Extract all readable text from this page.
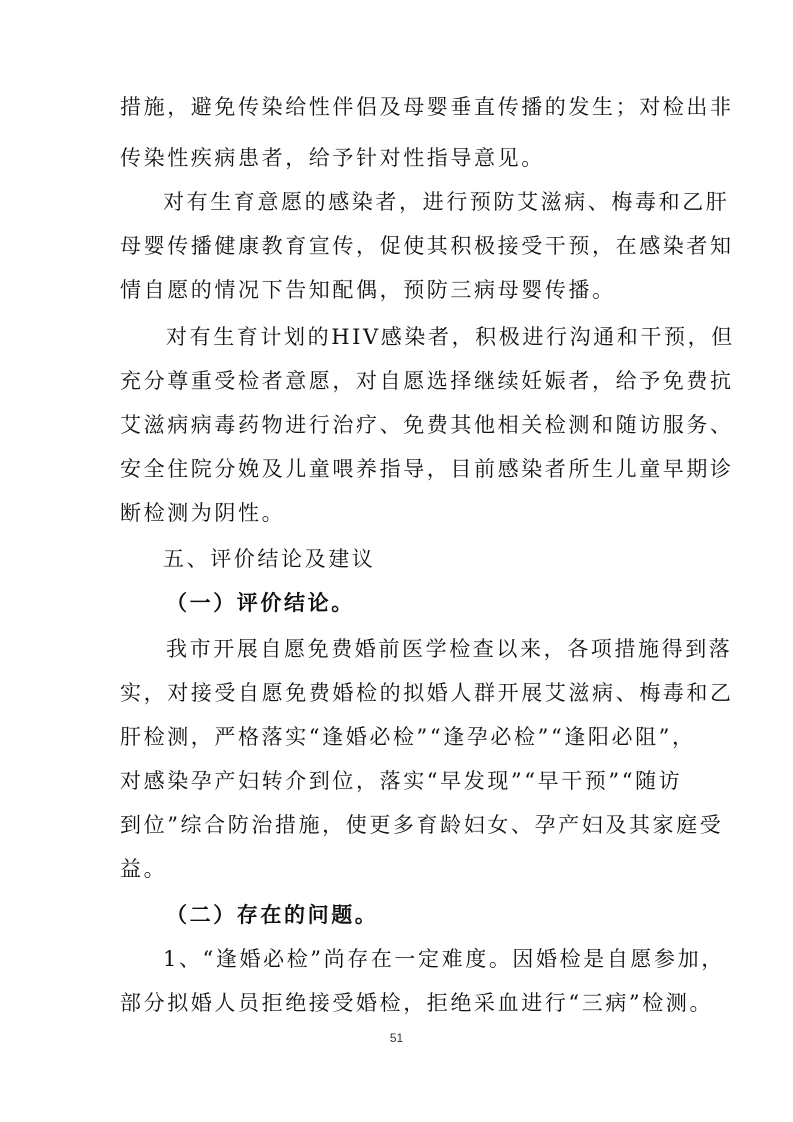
措施，避免传染给性伴侣及母婴垂直传播的发生；对检出非
传染性疾病患者，给予针对性指导意见。
对有生育意愿的感染者，进行预防艾滋病、梅毒和乙肝
母婴传播健康教育宣传，促使其积极接受干预，在感染者知
情自愿的情况下告知配偶，预防三病母婴传播。
对有生育计划的HIV感染者，积极进行沟通和干预，但
充分尊重受检者意愿，对自愿选择继续妊娠者，给予免费抗
艾滋病病毒药物进行治疗、免费其他相关检测和随访服务、
安全住院分娩及儿童喂养指导，目前感染者所生儿童早期诊
断检测为阴性。
五、评价结论及建议
（一）评价结论。
我市开展自愿免费婚前医学检查以来，各项措施得到落
实，对接受自愿免费婚检的拟婚人群开展艾滋病、梅毒和乙
肝检测，严格落实“逢婚必检”“逢孕必检”“逢阳必阻”，
对感染孕产妇转介到位，落实“早发现”“早干预”“随访
到位”综合防治措施，使更多育龄妇女、孕产妇及其家庭受
益。
（二）存在的问题。
1、“逢婚必检”尚存在一定难度。因婚检是自愿参加，
部分拟婚人员拒绝接受婚检，拒绝采血进行“三病”检测。
51
